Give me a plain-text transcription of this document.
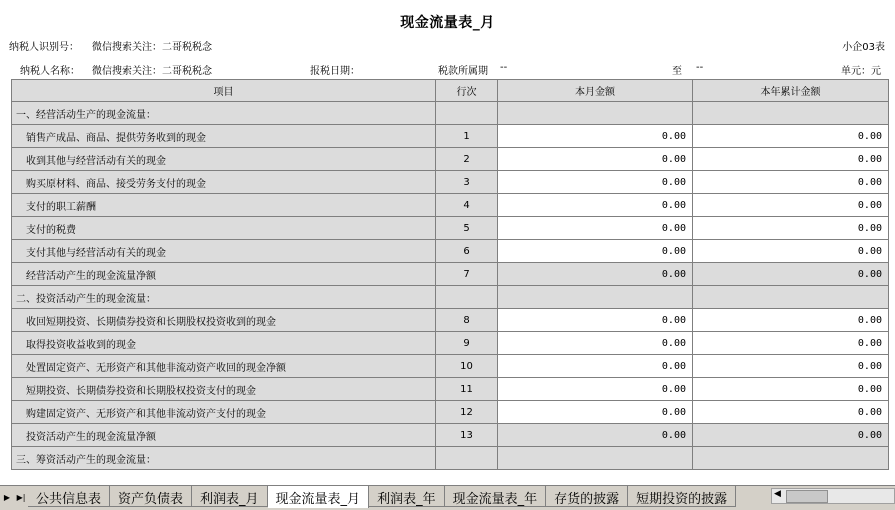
现金流量表_月
纳税人识别号： 微信搜索关注：二哥税税念	小企03表
纳税人名称： 微信搜索关注：二哥税税念	报税日期：	税款所属期 --	至 --	单元：元
项目	行次	本月金额	本年累计金额
一、经营活动生产的现金流量：			
销售产成品、商品、提供劳务收到的现金	1	0.00	0.00
收到其他与经营活动有关的现金	2	0.00	0.00
购买原材料、商品、接受劳务支付的现金	3	0.00	0.00
支付的职工薪酬	4	0.00	0.00
支付的税费	5	0.00	0.00
支付其他与经营活动有关的现金	6	0.00	0.00
经营活动产生的现金流量净额	7	0.00	0.00
二、投资活动产生的现金流量：			
收回短期投资、长期债券投资和长期股权投资收到的现金	8	0.00	0.00
取得投资收益收到的现金	9	0.00	0.00
处置固定资产、无形资产和其他非流动资产收回的现金净额	10	0.00	0.00
短期投资、长期债券投资和长期股权投资支付的现金	11	0.00	0.00
购建固定资产、无形资产和其他非流动资产支付的现金	12	0.00	0.00
投资活动产生的现金流量净额	13	0.00	0.00
三、筹资活动产生的现金流量：			
▶ ▶| 公共信息表	资产负债表	利润表_月	现金流量表_月	利润表_年	现金流量表_年	存货的披露	短期投资的披露	◀
